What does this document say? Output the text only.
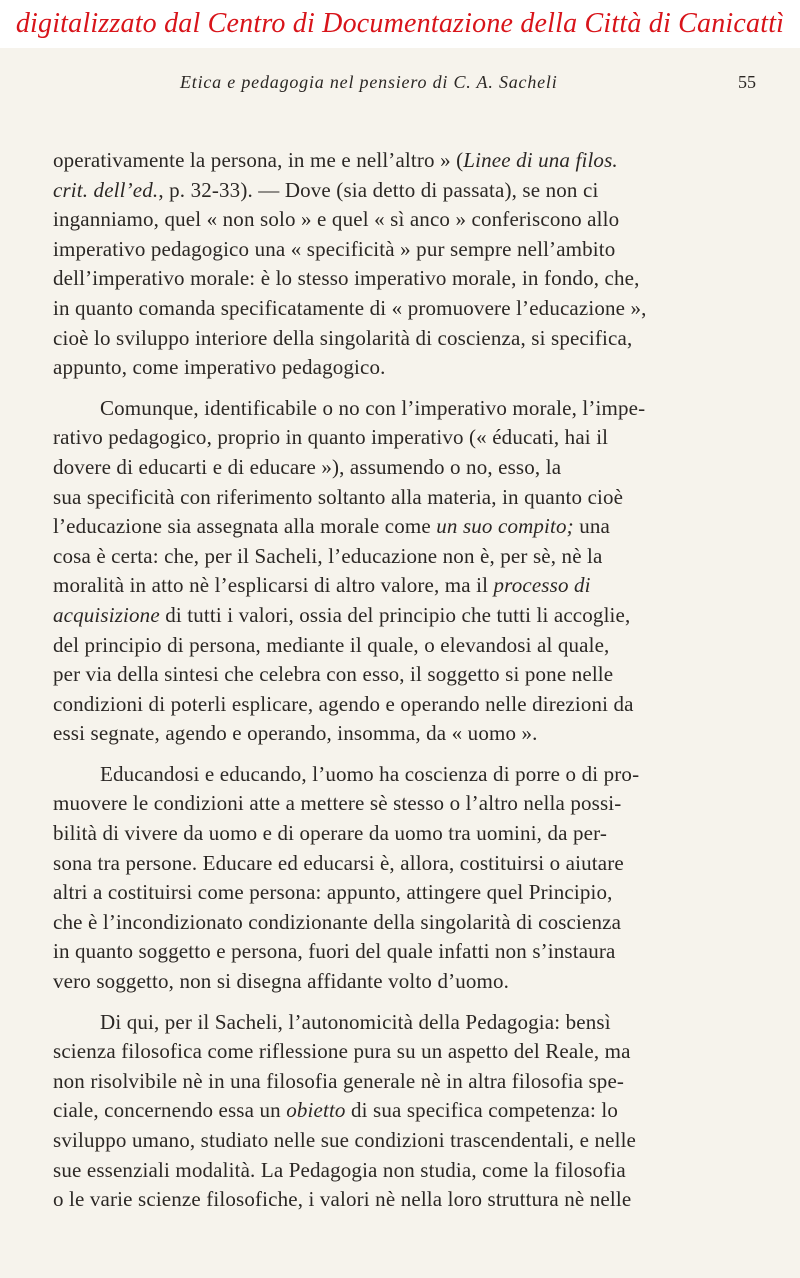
digitalizzato dal Centro di Documentazione della Città di Canicattì
Etica e pedagogia nel pensiero di C. A. Sacheli	55
operativamente la persona, in me e nell’altro » (Linee di una filos.
crit. dell’ed., p. 32-33). — Dove (sia detto di passata), se non ci
inganniamo, quel « non solo » e quel « sì anco » conferiscono allo
imperativo pedagogico una « specificità » pur sempre nell’ambito
dell’imperativo morale: è lo stesso imperativo morale, in fondo, che,
in quanto comanda specificatamente di « promuovere l’educazione »,
cioè lo sviluppo interiore della singolarità di coscienza, si specifica,
appunto, come imperativo pedagogico.
Comunque, identificabile o no con l’imperativo morale, l’impe-
rativo pedagogico, proprio in quanto imperativo (« éducati, hai il
dovere di educarti e di educare »), assumendo o no, esso, la
sua specificità con riferimento soltanto alla materia, in quanto cioè
l’educazione sia assegnata alla morale come un suo compito; una
cosa è certa: che, per il Sacheli, l’educazione non è, per sè, nè la
moralità in atto nè l’esplicarsi di altro valore, ma il processo di
acquisizione di tutti i valori, ossia del principio che tutti li accoglie,
del principio di persona, mediante il quale, o elevandosi al quale,
per via della sintesi che celebra con esso, il soggetto si pone nelle
condizioni di poterli esplicare, agendo e operando nelle direzioni da
essi segnate, agendo e operando, insomma, da « uomo ».
Educandosi e educando, l’uomo ha coscienza di porre o di pro-
muovere le condizioni atte a mettere sè stesso o l’altro nella possi-
bilità di vivere da uomo e di operare da uomo tra uomini, da per-
sona tra persone. Educare ed educarsi è, allora, costituirsi o aiutare
altri a costituirsi come persona: appunto, attingere quel Principio,
che è l’incondizionato condizionante della singolarità di coscienza
in quanto soggetto e persona, fuori del quale infatti non s’instaura
vero soggetto, non si disegna affidante volto d’uomo.
Di qui, per il Sacheli, l’autonomicità della Pedagogia: bensì
scienza filosofica come riflessione pura su un aspetto del Reale, ma
non risolvibile nè in una filosofia generale nè in altra filosofia spe-
ciale, concernendo essa un obietto di sua specifica competenza: lo
sviluppo umano, studiato nelle sue condizioni trascendentali, e nelle
sue essenziali modalità. La Pedagogia non studia, come la filosofia
o le varie scienze filosofiche, i valori nè nella loro struttura nè nelle
